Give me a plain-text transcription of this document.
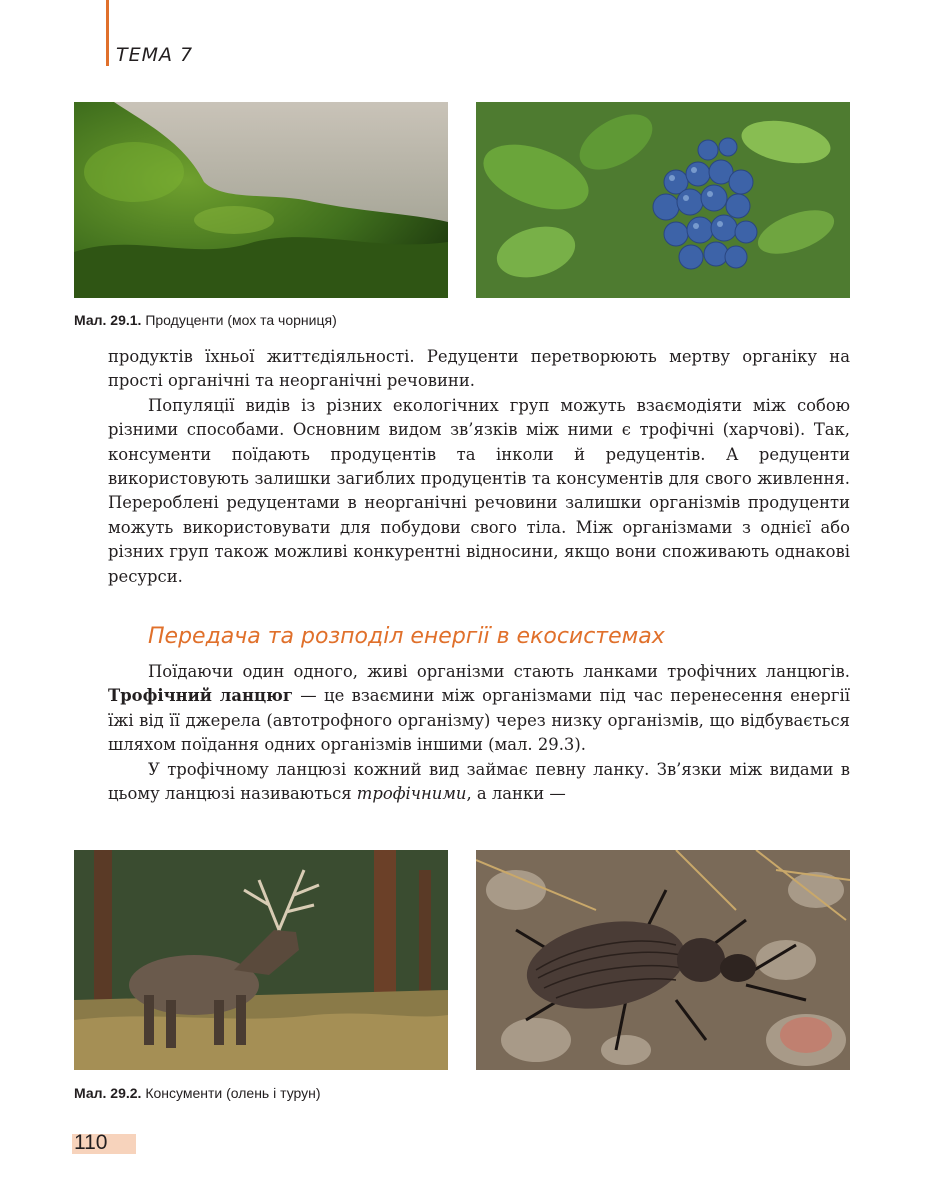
ТЕМА 7
Мал. 29.1. Продуценти (мох та чорниця)

продуктів їхньої життєдіяльності. Редуценти перетворюють мертву органіку на прості органічні та неорганічні речовини.

Популяції видів із різних екологічних груп можуть взаємодіяти між собою різними способами. Основним видом зв’язків між ними є трофічні (харчові). Так, консументи поїдають продуцентів та інколи й редуцентів. А редуценти використовують залишки загиблих продуцентів та консументів для свого живлення. Перероблені редуцентами в неорганічні речовини залишки організмів продуценти можуть використовувати для побудови свого тіла. Між організмами з однієї або різних груп також можливі конкурентні відносини, якщо вони споживають однакові ресурси.

Передача та розподіл енергії в екосистемах

Поїдаючи один одного, живі організми стають ланками трофічних ланцюгів. Трофічний ланцюг — це взаємини між організмами під час перенесення енергії їжі від її джерела (автотрофного організму) через низку організмів, що відбувається шляхом поїдання одних організмів іншими (мал. 29.3).

У трофічному ланцюзі кожний вид займає певну ланку. Зв’язки між видами в цьому ланцюзі називаються трофічними, а ланки —

Мал. 29.2. Консументи (олень і турун)
110
